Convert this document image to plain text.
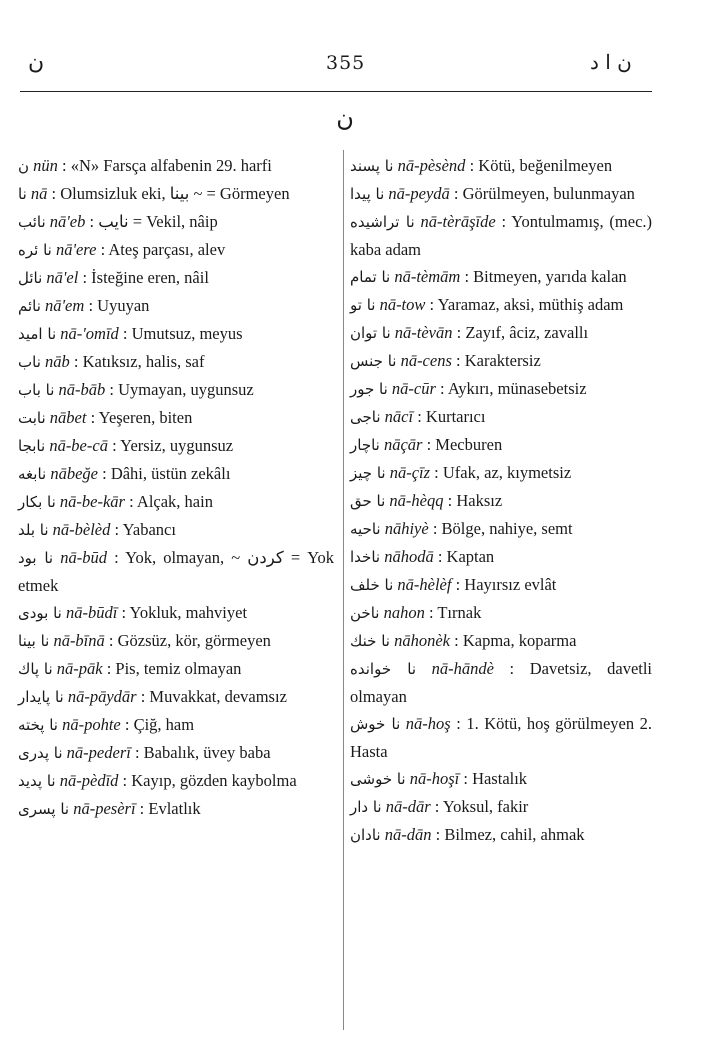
ن	355	ن ا د
ن
ن nün : «N» Farsça alfabenin 29. harfi
نا nā : Olumsizluk eki, بينا ~ = Görmeyen
نائب nā'eb : نايب = Vekil, nâip
نا ئره nā'ere : Ateş parçası, alev
نائل nā'el : İsteğine eren, nâil
نائم nā'em : Uyuyan
نا اميد nā-'omīd : Umutsuz, meyus
ناب nāb : Katıksız, halis, saf
نا باب nā-bāb : Uymayan, uygunsuz
نابت nābet : Yeşeren, biten
نابجا nā-be-cā : Yersiz, uygunsuz
نابغه nābeğe : Dâhi, üstün zekâlı
نا بكار nā-be-kār : Alçak, hain
نا بلد nā-bèlèd : Yabancı
نا بود nā-būd : Yok, olmayan, ~ كردن = Yok etmek
نا بودى nā-būdī : Yokluk, mahviyet
نا بينا nā-bīnā : Gözsüz, kör, görmeyen
نا پاك nā-pāk : Pis, temiz olmayan
نا پايدار nā-pāydār : Muvakkat, devamsız
نا پخته nā-pohte : Çiğ, ham
نا پدرى nā-pederī : Babalık, üvey baba
نا پديد nā-pèdīd : Kayıp, gözden kaybolma
نا پسرى nā-pesèrī : Evlatlık
نا پسند nā-pèsènd : Kötü, beğenilmeyen
نا پيدا nā-peydā : Görülmeyen, bulunmayan
نا تراشيده nā-tèrāşīde : Yontulmamış, (mec.) kaba adam
نا تمام nā-tèmām : Bitmeyen, yarıda kalan
نا تو nā-tow : Yaramaz, aksi, müthiş adam
نا توان nā-tèvān : Zayıf, âciz, zavallı
نا جنس nā-cens : Karaktersiz
نا جور nā-cūr : Aykırı, münasebetsiz
ناجى nācī : Kurtarıcı
ناچار nāçār : Mecburen
نا چيز nā-çīz : Ufak, az, kıymetsiz
نا حق nā-hèqq : Haksız
ناحيه nāhiyè : Bölge, nahiye, semt
ناخدا nāhodā : Kaptan
نا خلف nā-hèlèf : Hayırsız evlât
ناخن nahon : Tırnak
نا خنك nāhonèk : Kapma, koparma
نا خوانده nā-hāndè : Davetsiz, davetli olmayan
نا خوش nā-hoş : 1. Kötü, hoş görülmeyen 2. Hasta
نا خوشى nā-hoşī : Hastalık
نا دار nā-dār : Yoksul, fakir
نادان nā-dān : Bilmez, cahil, ahmak
